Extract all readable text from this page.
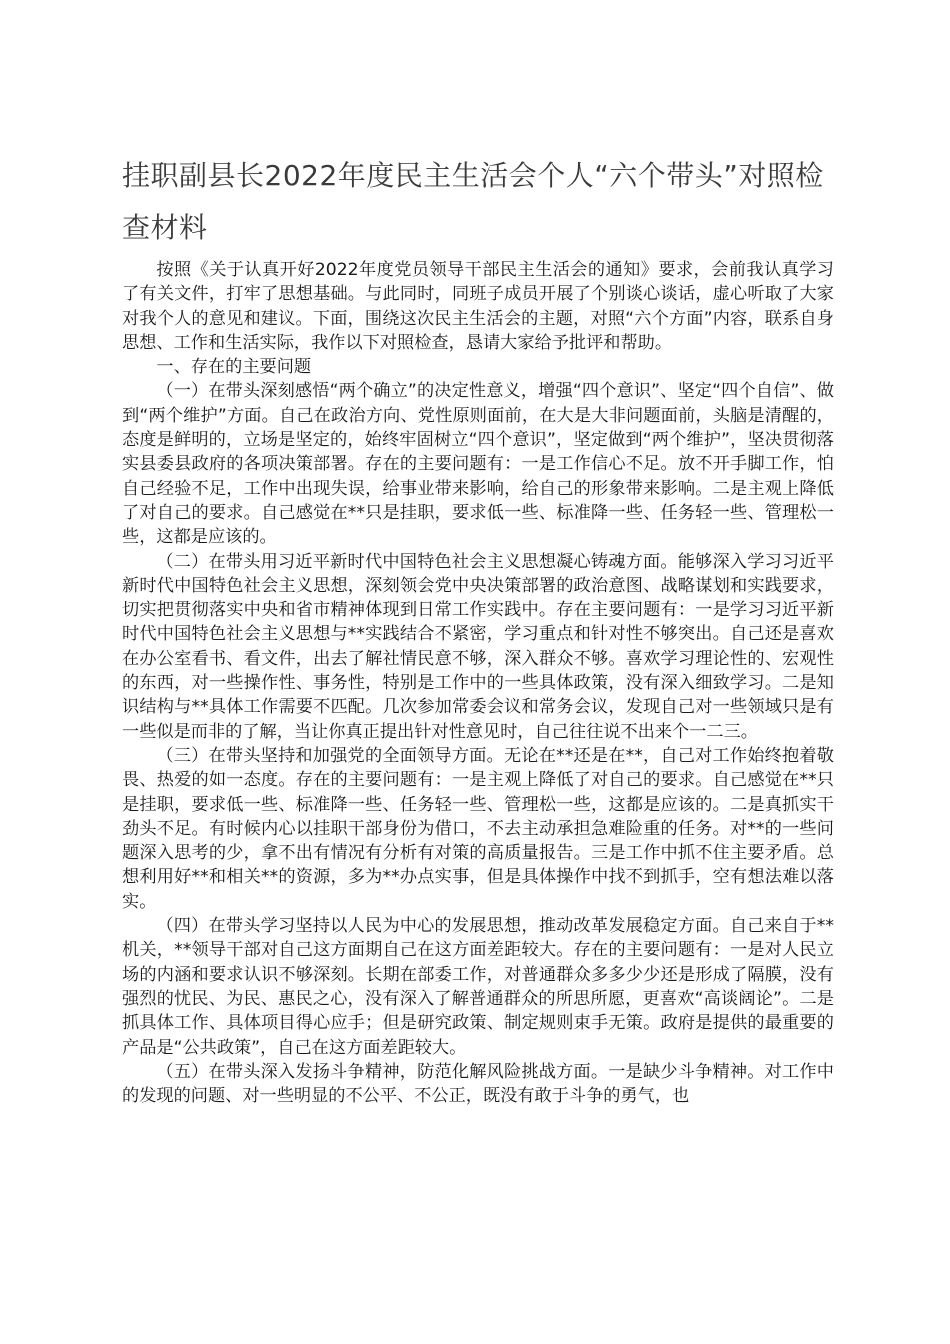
挂职副县长2022年度民主生活会个人“六个带头”对照检查材料

按照《关于认真开好2022年度党员领导干部民主生活会的通知》要求，会前我认真学习了有关文件，打牢了思想基础。与此同时，同班子成员开展了个别谈心谈话，虚心听取了大家对我个人的意见和建议。下面，围绕这次民主生活会的主题，对照“六个方面”内容，联系自身思想、工作和生活实际，我作以下对照检查，恳请大家给予批评和帮助。

一、存在的主要问题

（一）在带头深刻感悟“两个确立”的决定性意义，增强“四个意识”、坚定“四个自信”、做到“两个维护”方面。自己在政治方向、党性原则面前，在大是大非问题面前，头脑是清醒的，态度是鲜明的，立场是坚定的，始终牢固树立“四个意识”，坚定做到“两个维护”，坚决贯彻落实县委县政府的各项决策部署。存在的主要问题有：一是工作信心不足。放不开手脚工作，怕自己经验不足，工作中出现失误，给事业带来影响，给自己的形象带来影响。二是主观上降低了对自己的要求。自己感觉在**只是挂职，要求低一些、标准降一些、任务轻一些、管理松一些，这都是应该的。

（二）在带头用习近平新时代中国特色社会主义思想凝心铸魂方面。能够深入学习习近平新时代中国特色社会主义思想，深刻领会党中央决策部署的政治意图、战略谋划和实践要求，切实把贯彻落实中央和省市精神体现到日常工作实践中。存在主要问题有：一是学习习近平新时代中国特色社会主义思想与**实践结合不紧密，学习重点和针对性不够突出。自己还是喜欢在办公室看书、看文件，出去了解社情民意不够，深入群众不够。喜欢学习理论性的、宏观性的东西，对一些操作性、事务性，特别是工作中的一些具体政策，没有深入细致学习。二是知识结构与**具体工作需要不匹配。几次参加常委会议和常务会议，发现自己对一些领域只是有一些似是而非的了解，当让你真正提出针对性意见时，自己往往说不出来个一二三。

（三）在带头坚持和加强党的全面领导方面。无论在**还是在**，自己对工作始终抱着敬畏、热爱的如一态度。存在的主要问题有：一是主观上降低了对自己的要求。自己感觉在**只是挂职，要求低一些、标准降一些、任务轻一些、管理松一些，这都是应该的。二是真抓实干劲头不足。有时候内心以挂职干部身份为借口，不去主动承担急难险重的任务。对**的一些问题深入思考的少，拿不出有情况有分析有对策的高质量报告。三是工作中抓不住主要矛盾。总想利用好**和相关**的资源，多为**办点实事，但是具体操作中找不到抓手，空有想法难以落实。

（四）在带头学习坚持以人民为中心的发展思想，推动改革发展稳定方面。自己来自于**机关，**领导干部对自己这方面期自己在这方面差距较大。存在的主要问题有：一是对人民立场的内涵和要求认识不够深刻。长期在部委工作，对普通群众多多少少还是形成了隔膜，没有强烈的忧民、为民、惠民之心，没有深入了解普通群众的所思所愿，更喜欢“高谈阔论”。二是抓具体工作、具体项目得心应手；但是研究政策、制定规则束手无策。政府是提供的最重要的产品是“公共政策”，自己在这方面差距较大。

（五）在带头深入发扬斗争精神，防范化解风险挑战方面。一是缺少斗争精神。对工作中的发现的问题、对一些明显的不公平、不公正，既没有敢于斗争的勇气，也
